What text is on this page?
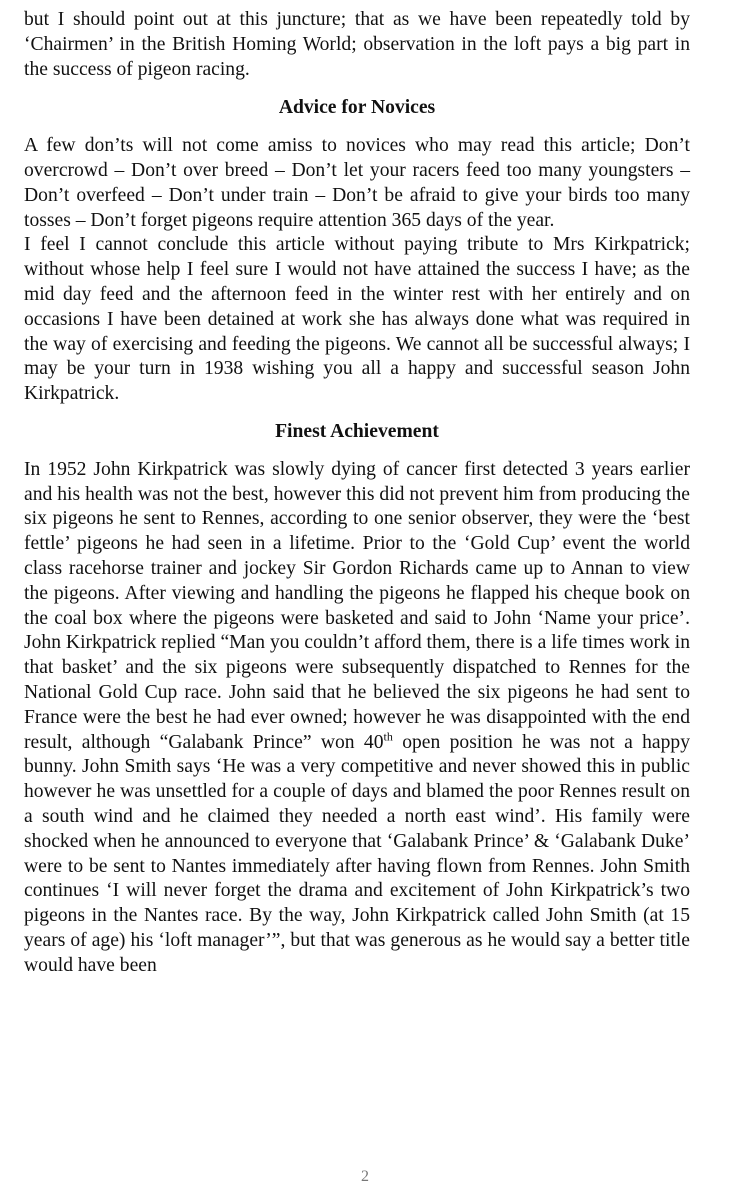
but I should point out at this juncture; that as we have been repeatedly told by ‘Chairmen’ in the British Homing World; observation in the loft pays a big part in the success of pigeon racing.

Advice for Novices

A few don’ts will not come amiss to novices who may read this article; Don’t overcrowd – Don’t over breed – Don’t let your racers feed too many youngsters – Don’t overfeed – Don’t under train – Don’t be afraid to give your birds too many tosses – Don’t forget pigeons require attention 365 days of the year.

I feel I cannot conclude this article without paying tribute to Mrs Kirkpatrick; without whose help I feel sure I would not have attained the success I have; as the mid day feed and the afternoon feed in the winter rest with her entirely and on occasions I have been detained at work she has always done what was required in the way of exercising and feeding the pigeons. We cannot all be successful always; I may be your turn in 1938 wishing you all a happy and successful season John Kirkpatrick.

Finest Achievement

In 1952 John Kirkpatrick was slowly dying of cancer first detected 3 years earlier and his health was not the best, however this did not prevent him from producing the six pigeons he sent to Rennes, according to one senior observer, they were the ‘best fettle’ pigeons he had seen in a lifetime. Prior to the ‘Gold Cup’ event the world class racehorse trainer and jockey Sir Gordon Richards came up to Annan to view the pigeons. After viewing and handling the pigeons he flapped his cheque book on the coal box where the pigeons were basketed and said to John ‘Name your price’. John Kirkpatrick replied “Man you couldn’t afford them, there is a life times work in that basket’ and the six pigeons were subsequently dispatched to Rennes for the National Gold Cup race. John said that he believed the six pigeons he had sent to France were the best he had ever owned; however he was disappointed with the end result, although “Galabank Prince” won 40th open position he was not a happy bunny. John Smith says ‘He was a very competitive and never showed this in public however he was unsettled for a couple of days and blamed the poor Rennes result on a south wind and he claimed they needed a north east wind’. His family were shocked when he announced to everyone that ‘Galabank Prince’ & ‘Galabank Duke’ were to be sent to Nantes immediately after having flown from Rennes. John Smith continues ‘I will never forget the drama and excitement of John Kirkpatrick’s two pigeons in the Nantes race. By the way, John Kirkpatrick called John Smith (at 15 years of age) his ‘loft manager’”, but that was generous as he would say a better title would have been

2
